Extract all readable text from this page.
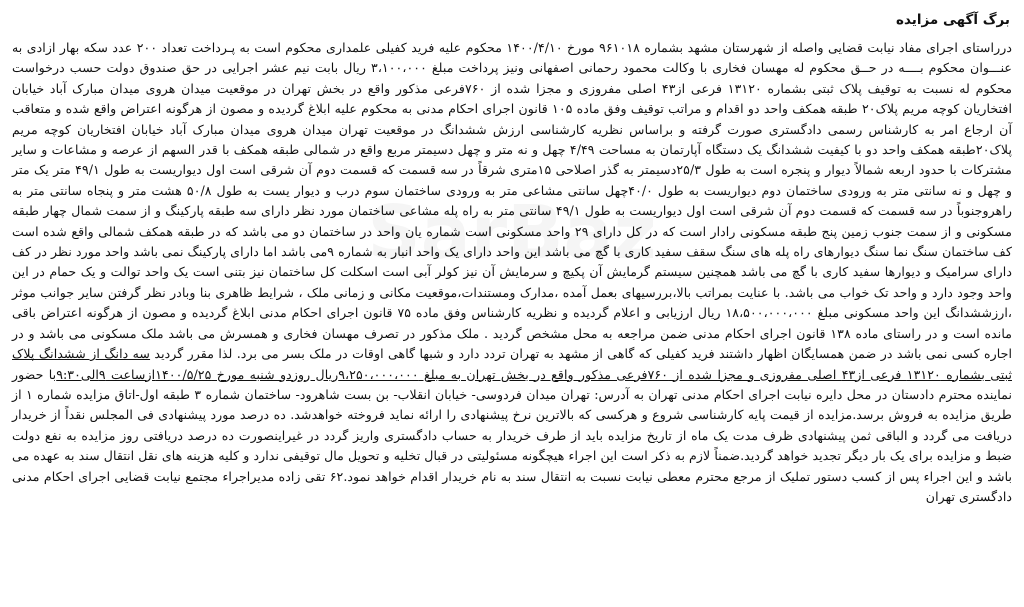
برگ آگهی مزایده

درراستای اجرای مفاد نیابت قضایی واصله از شهرستان مشهد بشماره ۹۶۱۰۱۸ مورخ ۱۴۰۰/۴/۱۰ محکوم علیه فرید کفیلی علمداری محکوم است به پـرداخت تعداد ۲۰۰ عدد سکه بهار ازادی به عنـــوان محکوم بــــه در حــق محکوم له مهسان فخاری با وکالت محمود رحمانی اصفهانی ونیز پرداخت مبلغ ۳،۱۰۰،۰۰۰ ریال بابت نیم عشر اجرایی در حق صندوق دولت حسب درخواست محکوم له نسبت به توقیف پلاک ثبتی بشماره ۱۳۱۲۰ فرعی از۴۳ اصلی مفروزی و مجزا شده از ۷۶۰فرعی مذکور واقع در بخش تهران در موقعیت میدان هروی میدان مبارک آباد خیابان افتخاریان کوچه مریم پلاک۲۰ طبقه همکف واحد دو اقدام و مراتب توقیف وفق ماده ۱۰۵ قانون اجرای احکام مدنی به محکوم علیه ابلاغ گردیده و مصون از هرگونه اعتراض واقع شده و متعاقب آن ارجاع امر به کارشناس رسمی دادگستری صورت گرفته و براساس نظریه کارشناسی ارزش ششدانگ در موقعیت تهران میدان هروی میدان مبارک آباد خیابان افتخاریان کوچه مریم پلاک۲۰طبقه همکف واحد دو با کیفیت ششدانگ یک دستگاه آپارتمان به مساحت ۴/۴۹ چهل و نه متر و چهل دسیمتر مربع واقع در شمالی طبقه همکف با قدر السهم از عرصه و مشاعات و سایر مشترکات با حدود اربعه شمالاً دیوار و پنجره است به طول ۲۵/۳دسیمتر به گذر اصلاحی ۱۵متری شرقاً در سه قسمت که قسمت دوم آن شرقی است اول دیواریست به طول ۴۹/۱ متر یک متر و چهل و نه سانتی متر به ورودی ساختمان دوم دیواریست به طول ۴۰/۰چهل سانتی مشاعی متر به ورودی ساختمان سوم درب و دیوار یست به طول ۵۰/۸ هشت متر و پنجاه سانتی متر به راهروجنوباً در سه قسمت که قسمت دوم آن شرقی است اول دیواریست به طول ۴۹/۱ سانتی متر به راه پله مشاعی ساختمان مورد نظر دارای سه طبقه پارکینگ و از سمت شمال چهار طبقه مسکونی و از سمت جنوب زمین پنج طبقه مسکونی رادار است که در کل دارای ۲۹ واحد مسکونی است شماره یان واحد در ساختمان دو می باشد که در طبقه همکف شمالی واقع شده است کف ساختمان سنگ نما سنگ دیوارهای راه پله های سنگ سقف سفید کاری با گچ می باشد این واحد دارای یک واحد انبار به شماره ۹می باشد اما دارای پارکینگ نمی باشد واحد مورد نظر در کف دارای سرامیک و دیوارها سفید کاری با گچ می باشد همچنین سیستم گرمایش آن پکیچ و سرمایش آن نیز کولر آبی است اسکلت کل ساختمان نیز بتنی است یک واحد توالت و یک حمام در این واحد وجود دارد و واحد تک خواب می باشد. با عنایت بمراتب بالا،بررسیهای بعمل آمده ،مدارک ومستندات،موقعیت مکانی و زمانی ملک ، شرایط ظاهری بنا وبادر نظر گرفتن سایر جوانب موثر ،ارزششدانگ این واحد مسکونی مبلغ ۱۸،۵۰۰،۰۰۰،۰۰۰ ریال ارزیابی و اعلام گردیده و نظریه کارشناس وفق ماده ۷۵ قانون اجرای احکام مدنی ابلاغ گردیده و مصون از هرگونه اعتراض باقی مانده است و در راستای ماده ۱۳۸ قانون اجرای احکام مدنی ضمن مراجعه به محل مشخص گردید . ملک مذکور در تصرف مهسان فخاری و همسرش می باشد ملک مسکونی می باشد و در اجاره کسی نمی باشد در ضمن همسایگان اظهار داشتند فرید کفیلی که گاهی از مشهد به تهران تردد دارد و شبها گاهی اوقات در ملک بسر می برد. لذا مقرر گردید سه دانگ از ششدانگ پلاک ثبتی بشماره ۱۳۱۲۰ فرعی از۴۳ اصلی مفروزی و مجزا شده از ۷۶۰فرعی مذکور واقع در بخش تهران به مبلغ ۹،۲۵۰،۰۰۰،۰۰۰ریال روزدو شنبه مورخ ۱۴۰۰/۵/۲۵ازساعت ۹الی۹:۳۰با حضور نماینده محترم دادستان در محل دایره نیابت اجرای احکام مدنی تهران به آدرس: تهران میدان فردوسی- خیابان انقلاب- بن بست شاهرود- ساختمان شماره ۳ طبقه اول-اتاق مزایده شماره ۱ از طریق مزایده به فروش برسد.مزایده از قیمت پایه کارشناسی شروع و هرکسی که بالاترین نرخ پیشنهادی را ارائه نماید فروخته خواهدشد. ده درصد مورد پیشنهادی فی المجلس نقداً از خریدار دریافت می گردد و الباقی ثمن پیشنهادی ظرف مدت یک ماه از تاریخ مزایده باید از طرف خریدار به حساب دادگستری واریز گردد در غیراینصورت ده درصد دریافتی روز مزایده به نفع دولت ضبط و مزایده برای یک بار دیگر تجدید خواهد گردید.ضمناً لازم به ذکر است این اجراء هیچگونه مسئولیتی در قبال تخلیه و تحویل مال توقیفی ندارد و کلیه هزینه های نقل انتقال سند به عهده می باشد و این اجراء پس از کسب دستور تملیک از مرجع محترم معطی نیابت نسبت به انتقال سند به نام خریدار اقدام خواهد نمود.۶۲ تقی زاده مدیراجراء مجتمع نیابت قضایی اجرای احکام مدنی دادگستری تهران
